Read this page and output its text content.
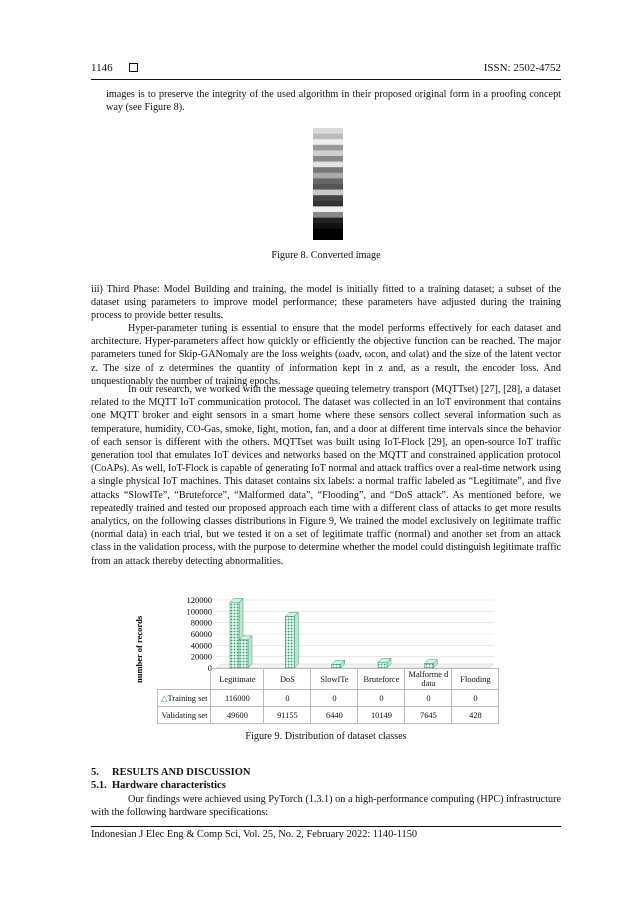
1146	ISSN: 2502-4752
images is to preserve the integrity of the used algorithm in their proposed original form in a proofing concept way (see Figure 8).
Figure 8. Converted image
iii) Third Phase: Model Building and training, the model is initially fitted to a training dataset; a subset of the dataset using parameters to improve model performance; these parameters have adjusted during the training process to provide better results.
Hyper-parameter tuning is essential to ensure that the model performs effectively for each dataset and architecture. Hyper-parameters affect how quickly or efficiently the objective function can be reached. The major parameters tuned for Skip-GANomaly are the loss weights (ωadv, ωcon, and ωlat) and the size of the latent vector z. The size of z determines the quantity of information kept in z and, as a result, the encoder loss. And unquestionably the number of training epochs.
In our research, we worked with the message queuing telemetry transport (MQTTset) [27], [28], a dataset related to the MQTT IoT communication protocol. The dataset was collected in an IoT environment that contains one MQTT broker and eight sensors in a smart home where these sensors collect several information such as temperature, humidity, CO-Gas, smoke, light, motion, fan, and a door at different time intervals since the behavior of each sensor is different with the others. MQTTset was built using IoT-Flock [29], an open-source IoT traffic generation tool that emulates IoT devices and networks based on the MQTT and constrained application protocol (CoAPs). As well, IoT-Flock is capable of generating IoT normal and attack traffics over a real-time network using a single physical IoT machines. This dataset contains six labels: a normal traffic labeled as “Legitimate”, and five attacks “SlowITe”, “Bruteforce”, “Malformed data”, “Flooding”, and “DoS attack”. As mentioned before, we repeatedly trained and tested our proposed approach each time with a different class of attacks to get more results analytics, on the following classes distributions in Figure 9, We trained the model exclusively on legitimate traffic (normal data) in each trial, but we tested it on a set of legitimate traffic (normal) and another set from an attack class in the validation process, with the purpose to determine whether the model could distinguish legitimate traffic from an attack thereby detecting abnormalities.
number of records	0
20000
40000
60000
80000
100000
120000
	Legitimate	DoS	SlowITe	Bruteforce	Malforme d data	Flooding
△Training set	116000	0	0	0	0	0
Validating set	49600	91155	6440	10149	7645	428
Figure 9. Distribution of dataset classes
5.     RESULTS AND DISCUSSION
5.1.  Hardware characteristics
Our findings were achieved using PyTorch (1.3.1) on a high-performance computing (HPC) infrastructure with the following hardware specifications:
Indonesian J Elec Eng & Comp Sci, Vol. 25, No. 2, February 2022: 1140-1150
